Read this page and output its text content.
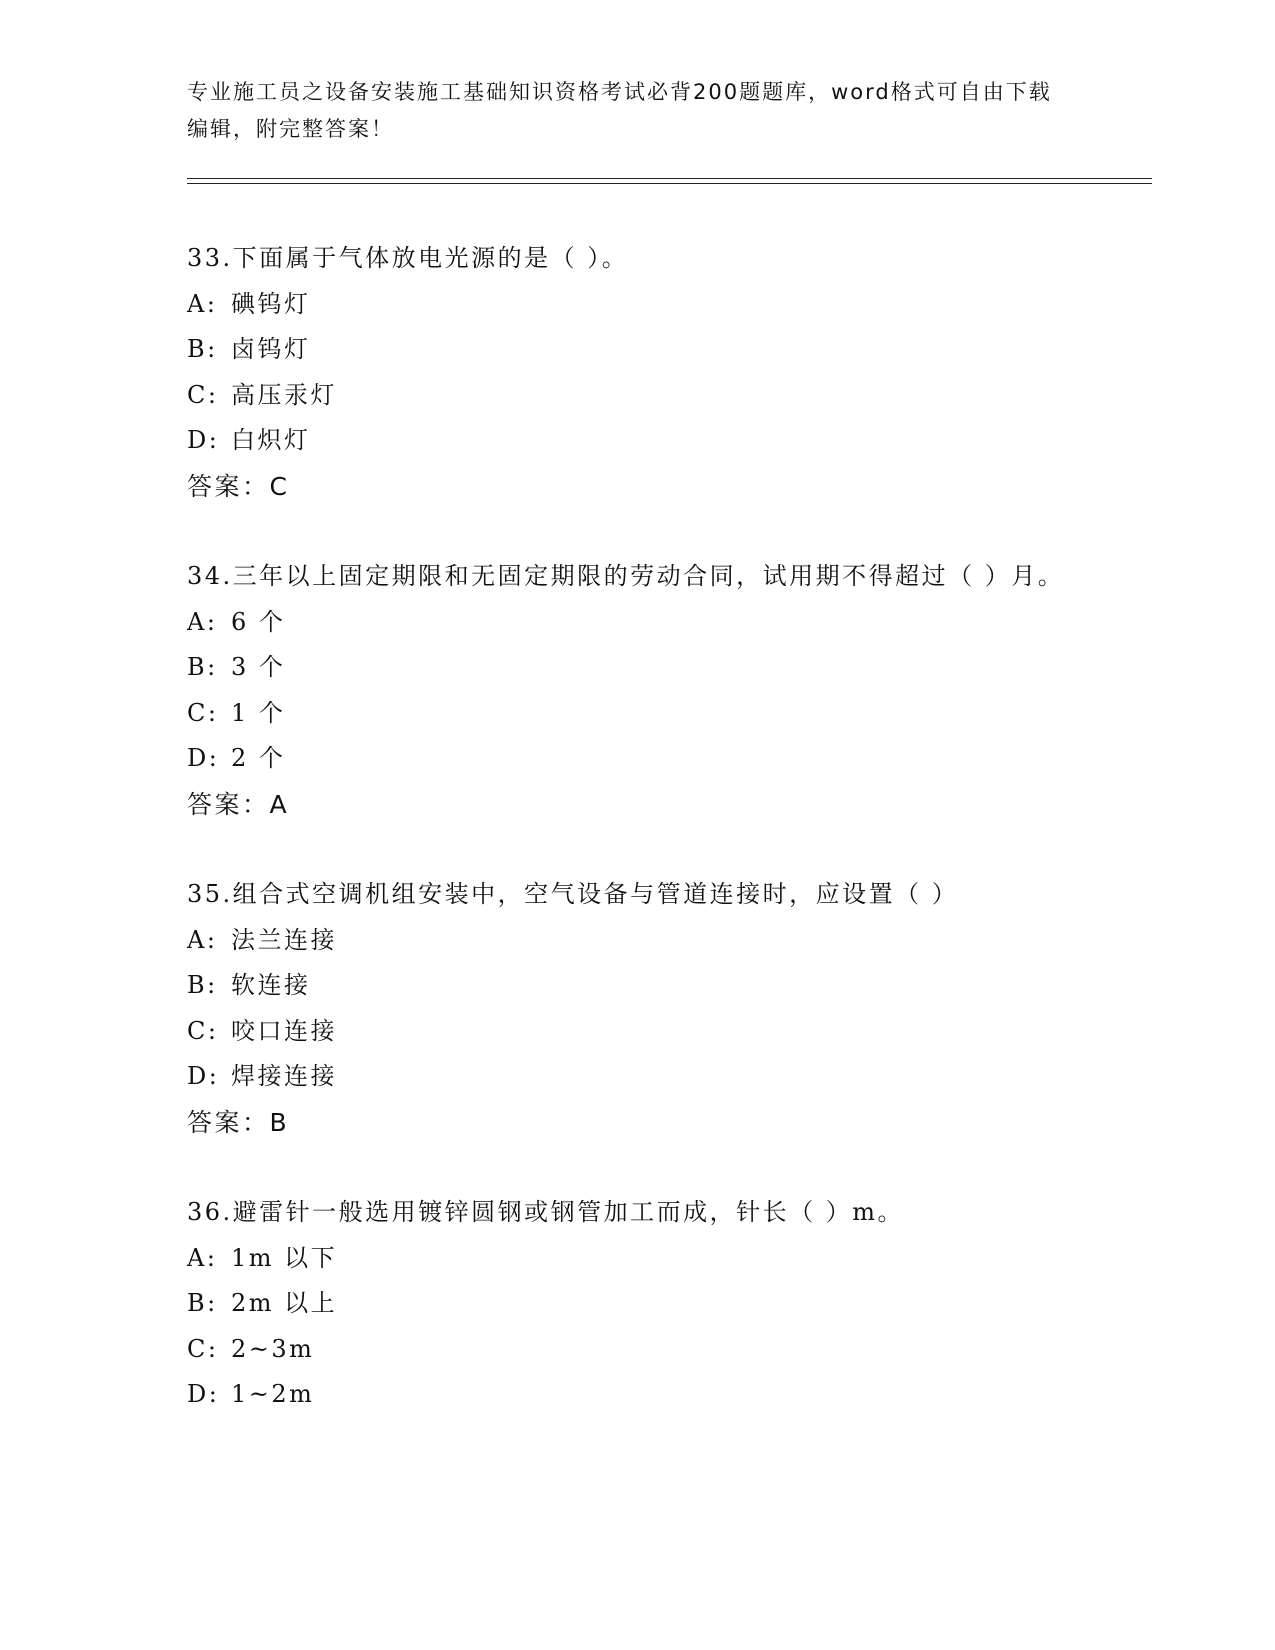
专业施工员之设备安装施工基础知识资格考试必背200题题库，word格式可自由下载编辑，附完整答案！
33.下面属于气体放电光源的是（ ）。
A: 碘钨灯
B: 卤钨灯
C: 高压汞灯
D: 白炽灯
答案：C
34.三年以上固定期限和无固定期限的劳动合同，试用期不得超过（ ）月。
A: 6 个
B: 3 个
C: 1 个
D: 2 个
答案：A
35.组合式空调机组安装中，空气设备与管道连接时，应设置（ ）
A: 法兰连接
B: 软连接
C: 咬口连接
D: 焊接连接
答案：B
36.避雷针一般选用镀锌圆钢或钢管加工而成，针长（ ）m。
A: 1m 以下
B: 2m 以上
C: 2~3m
D: 1~2m
